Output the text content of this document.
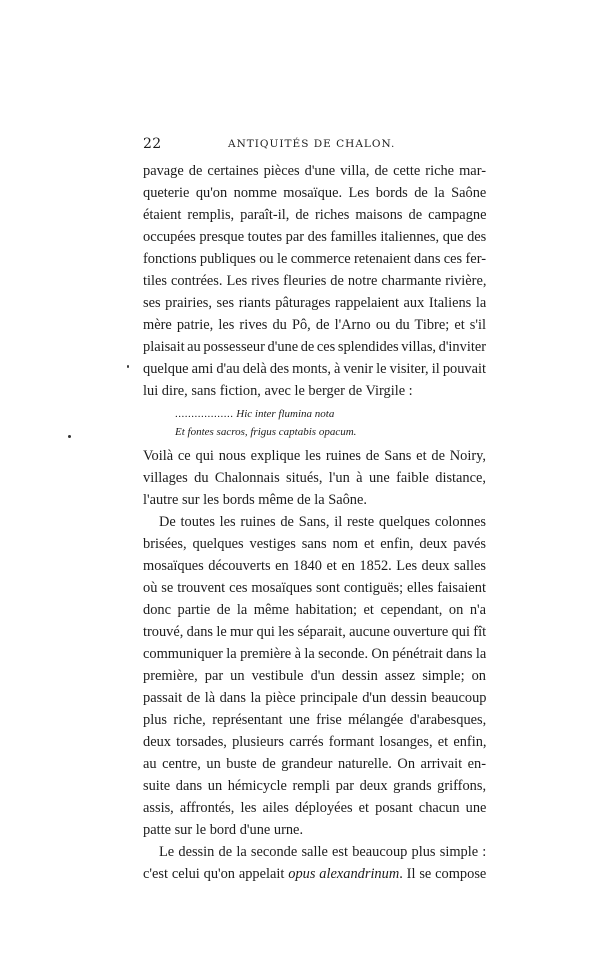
22	ANTIQUITÉS DE CHALON.
pavage de certaines pièces d'une villa, de cette riche mar-
queterie qu'on nomme mosaïque. Les bords de la Saône
étaient remplis, paraît-il, de riches maisons de campagne
occupées presque toutes par des familles italiennes, que des
fonctions publiques ou le commerce retenaient dans ces fer-
tiles contrées. Les rives fleuries de notre charmante rivière,
ses prairies, ses riants pâturages rappelaient aux Italiens la
mère patrie, les rives du Pô, de l'Arno ou du Tibre; et s'il
plaisait au possesseur d'une de ces splendides villas, d'inviter
quelque ami d'au delà des monts, à venir le visiter, il pouvait
lui dire, sans fiction, avec le berger de Virgile :
.................. Hic inter flumina nota
Et fontes sacros, frigus captabis opacum.
Voilà ce qui nous explique les ruines de Sans et de Noiry,
villages du Chalonnais situés, l'un à une faible distance,
l'autre sur les bords même de la Saône.
De toutes les ruines de Sans, il reste quelques colonnes
brisées, quelques vestiges sans nom et enfin, deux pavés
mosaïques découverts en 1840 et en 1852. Les deux salles
où se trouvent ces mosaïques sont contiguës; elles faisaient
donc partie de la même habitation; et cependant, on n'a
trouvé, dans le mur qui les séparait, aucune ouverture qui fît
communiquer la première à la seconde. On pénétrait dans la
première, par un vestibule d'un dessin assez simple; on
passait de là dans la pièce principale d'un dessin beaucoup
plus riche, représentant une frise mélangée d'arabesques,
deux torsades, plusieurs carrés formant losanges, et enfin,
au centre, un buste de grandeur naturelle. On arrivait en-
suite dans un hémicycle rempli par deux grands griffons,
assis, affrontés, les ailes déployées et posant chacun une
patte sur le bord d'une urne.
Le dessin de la seconde salle est beaucoup plus simple :
c'est celui qu'on appelait opus alexandrinum. Il se compose
